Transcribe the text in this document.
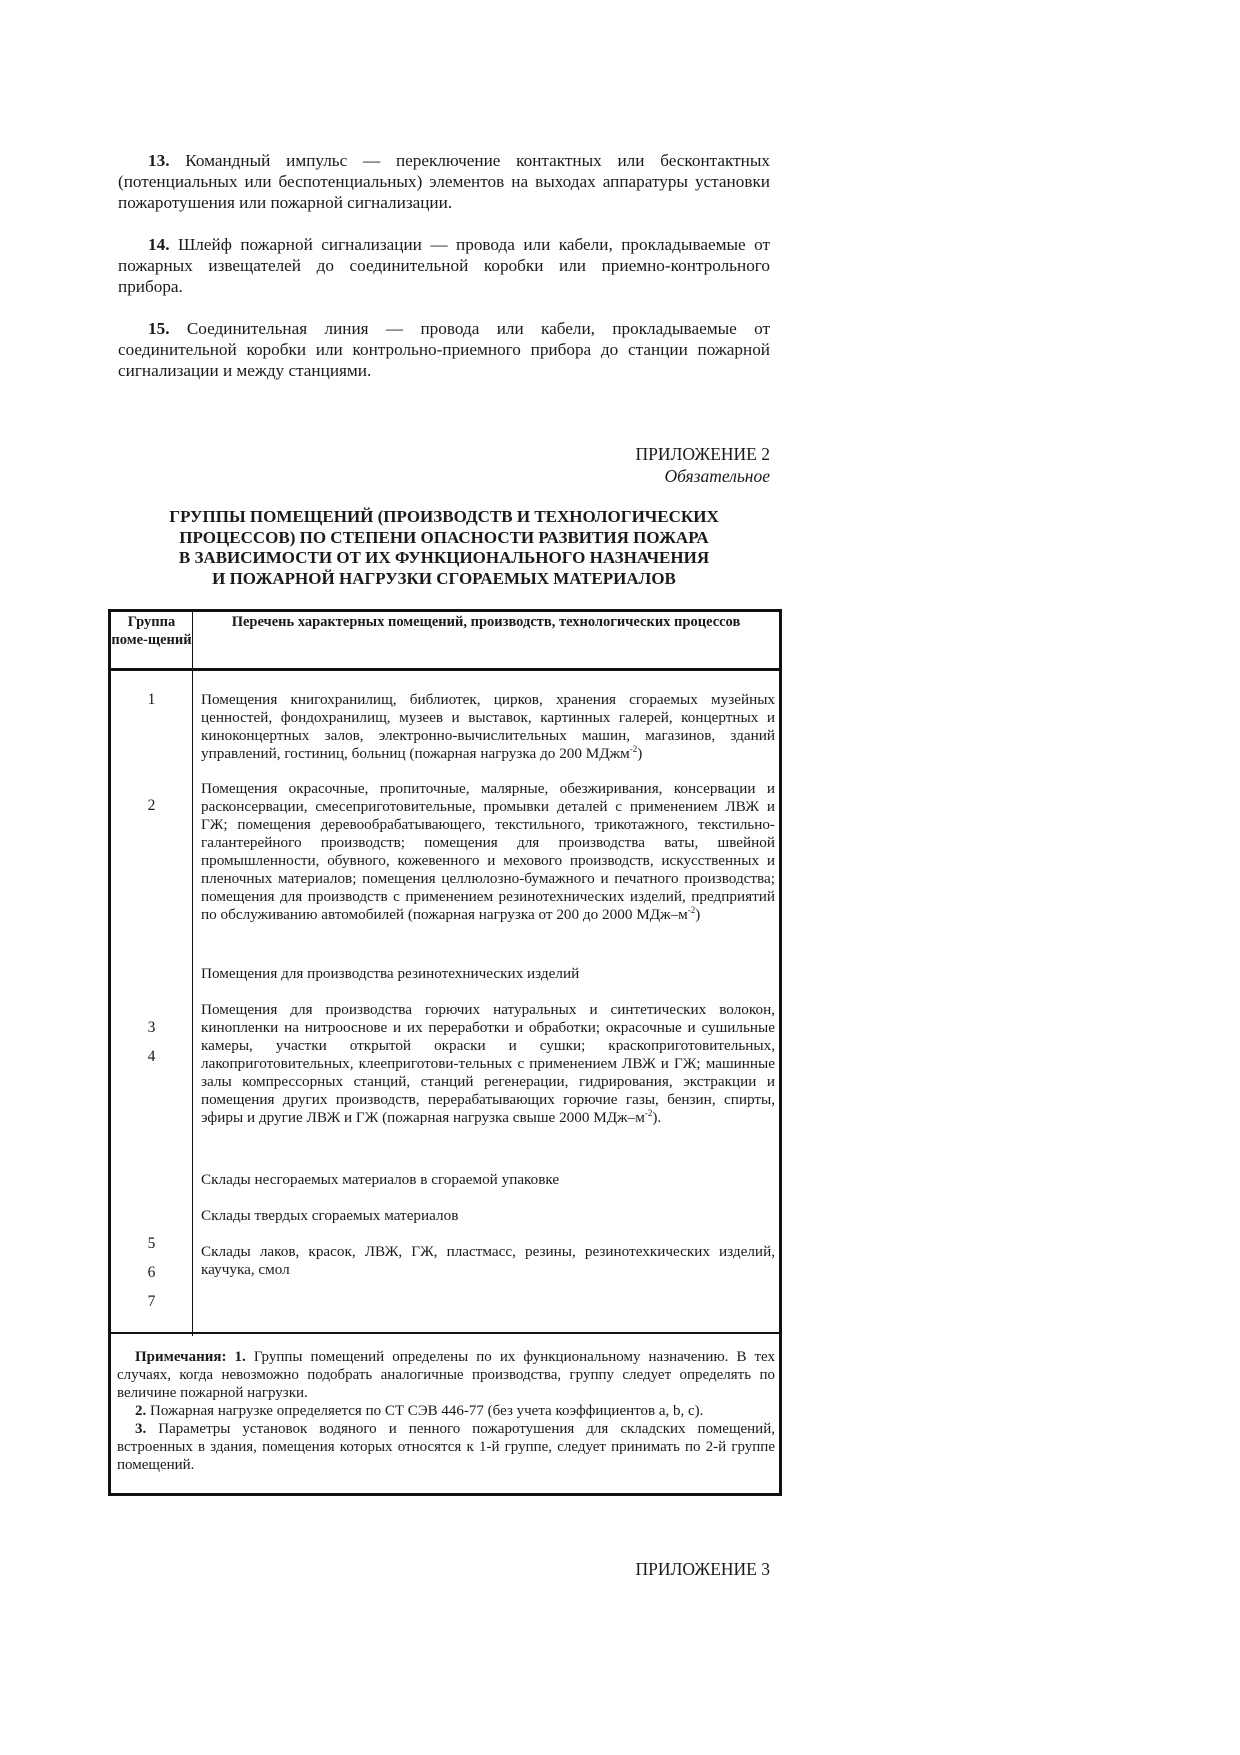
13. Командный импульс — переключение контактных или бесконтактных (потенциальных или беспотенциальных) элементов на выходах аппаратуры установки пожаротушения или пожарной сигнализации.
14. Шлейф пожарной сигнализации — провода или кабели, прокладываемые от пожарных извещателей до соединительной коробки или приемно-контрольного прибора.
15. Соединительная линия — провода или кабели, прокладываемые от соединительной коробки или контрольно-приемного прибора до станции пожарной сигнализации и между станциями.
ПРИЛОЖЕНИЕ 2
Обязательное
ГРУППЫ ПОМЕЩЕНИЙ (ПРОИЗВОДСТВ И ТЕХНОЛОГИЧЕСКИХ
ПРОЦЕССОВ) ПО СТЕПЕНИ ОПАСНОСТИ РАЗВИТИЯ ПОЖАРА
В ЗАВИСИМОСТИ ОТ ИХ ФУНКЦИОНАЛЬНОГО НАЗНАЧЕНИЯ
И ПОЖАРНОЙ НАГРУЗКИ СГОРАЕМЫХ МАТЕРИАЛОВ
Группа поме-щений
Перечень характерных помещений, производств, технологических процессов
1
2
3
4
5
6
7
Помещения книгохранилищ, библиотек, цирков, хранения сгораемых музейных ценностей, фондохранилищ, музеев и выставок, картинных галерей, концертных и киноконцертных залов, электронно-вычислительных машин, магазинов, зданий управлений, гостиниц, больниц (пожарная нагрузка до 200 МДжм$^{-2}$)
Помещения окрасочные, пропиточные, малярные, обезжиривания, консервации и расконсервации, смесеприготовительные, промывки деталей с применением ЛВЖ и ГЖ; помещения деревообрабатывающего, текстильного, трикотажного, текстильно-галантерейного производств; помещения для производства ваты, швейной промышленности, обувного, кожевенного и мехового производств, искусственных и пленочных материалов; помещения целлюлозно-бумажного и печатного производства; помещения для производств с применением резинотехнических изделий, предприятий по обслуживанию автомобилей (пожарная нагрузка от 200 до 2000 МДж–$м^{-2}$)
Помещения для производства резинотехнических изделий
Помещения для производства горючих натуральных и синтетических волокон, кинопленки на нитрооснове и их переработки и обработки; окрасочные и сушильные камеры, участки открытой окраски и сушки; краскоприготовительных, лакоприготовительных, клееприготови-тельных с применением ЛВЖ и ГЖ; машинные залы компрессорных станций, станций регенерации, гидрирования, экстракции и помещения других производств, перерабатывающих горючие газы, бензин, спирты, эфиры и другие ЛВЖ и ГЖ (пожарная нагрузка свыше 2000 МДж–$м^{-2}$).
Склады несгораемых материалов в сгораемой упаковке
Склады твердых сгораемых материалов
Склады лаков, красок, ЛВЖ, ГЖ, пластмасс, резины, резинотехкических изделий, каучука, смол

Примечания: 1. Группы помещений определены по их функциональному назначению. В тех случаях, когда невозможно подобрать аналогичные производства, группу следует определять по величине пожарной нагрузки.

2. Пожарная нагрузке определяется по СТ СЭВ 446-77 (без учета коэффициентов a, b, c).

3. Параметры установок водяного и пенного пожаротушения для складских помещений, встроенных в здания, помещения которых относятся к 1-й группе, следует принимать по 2-й группе помещений.

ПРИЛОЖЕНИЕ 3
